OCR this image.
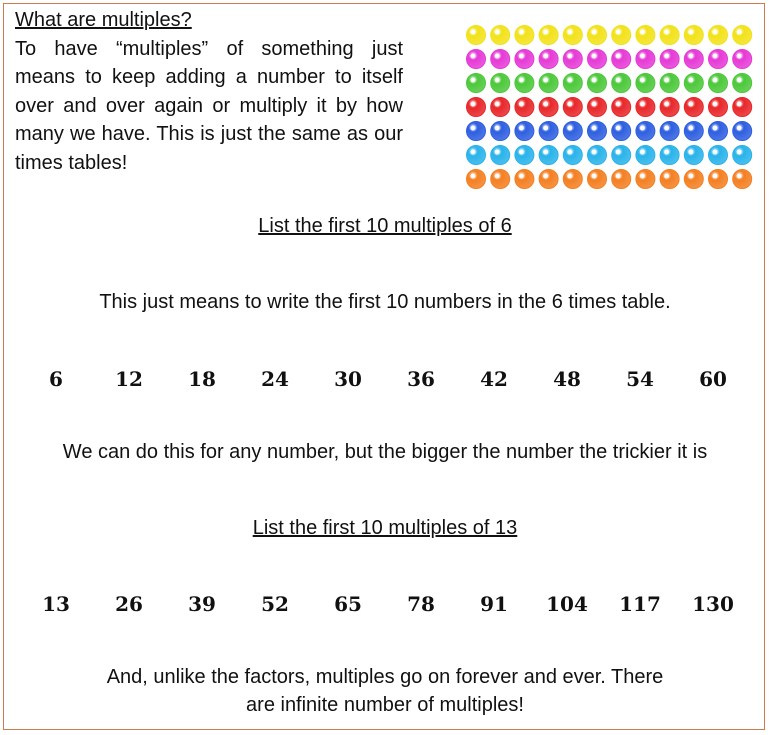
What are multiples?
To have “multiples” of something just means to keep adding a number to itself over and over again or multiply it by how many we have. This is just the same as our times tables!
List the first 10 multiples of 6
This just means to write the first 10 numbers in the 6 times table.
6	12	18	24	30	36	42	48	54	60
We can do this for any number, but the bigger the number the trickier it is
List the first 10 multiples of 13
13	26	39	52	65	78	91	104	117	130
And, unlike the factors, multiples go on forever and ever. There
are infinite number of multiples!
